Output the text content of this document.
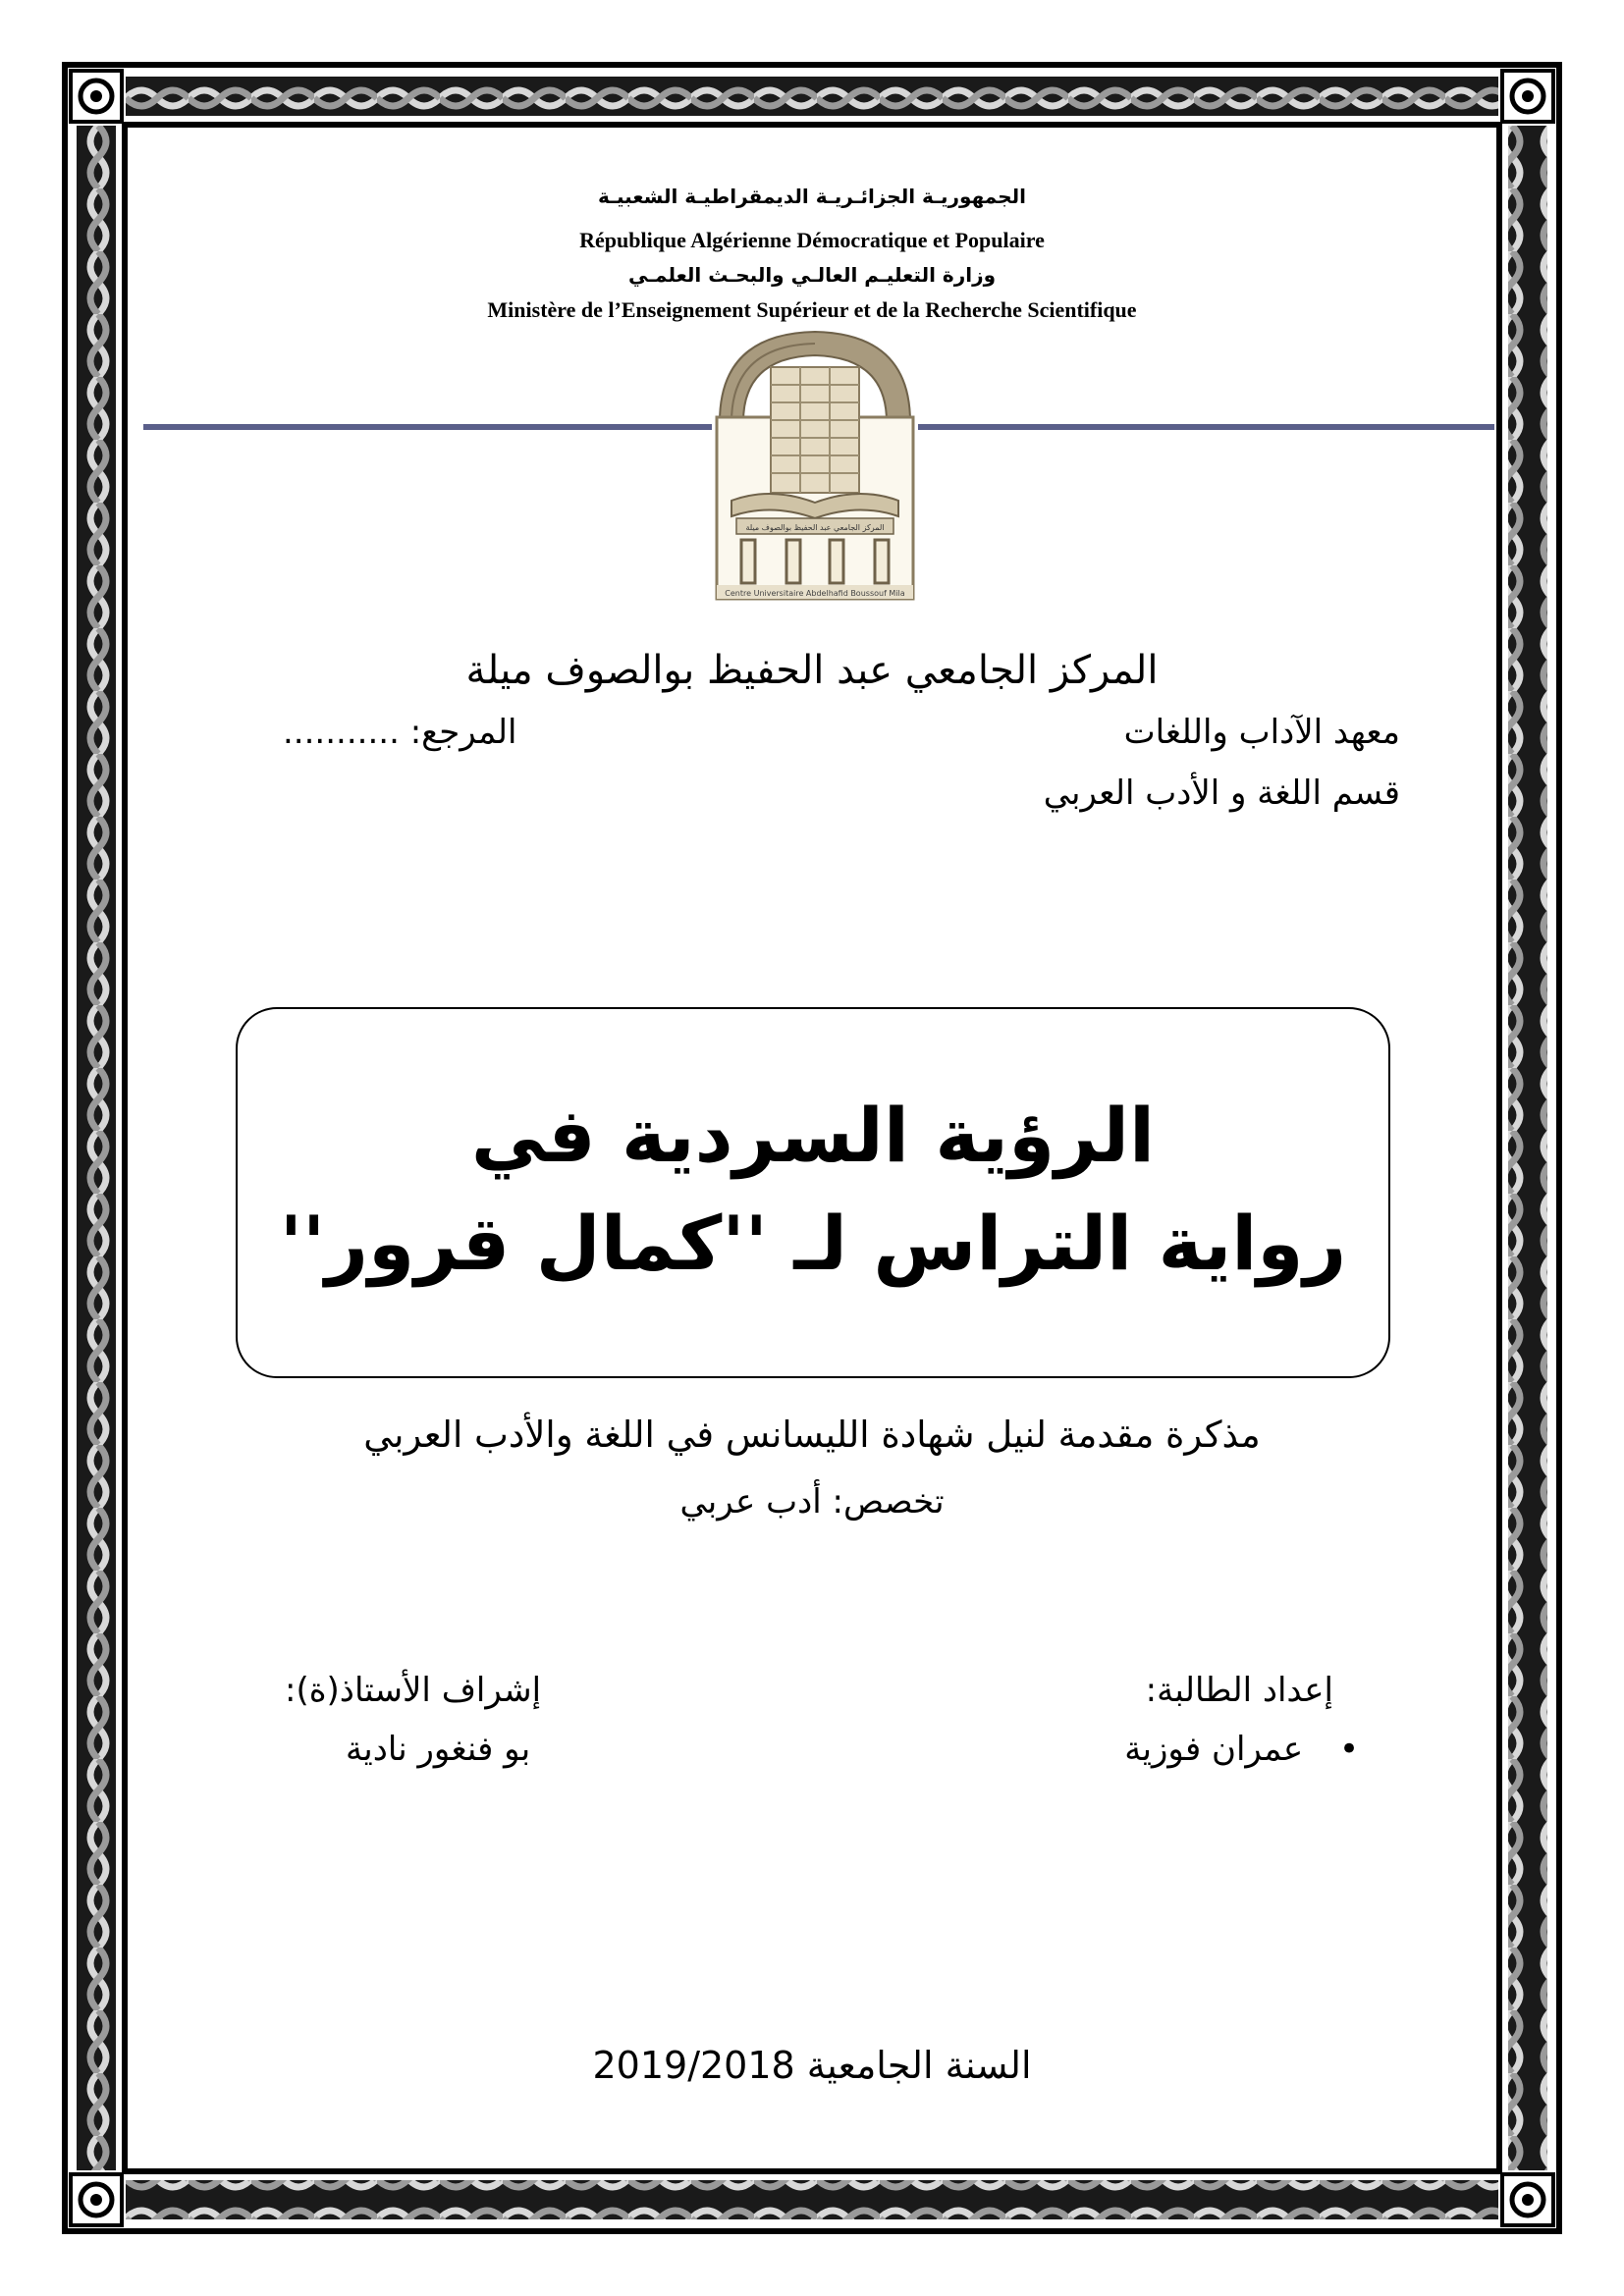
الجمهوريـة الجزائـريـة الديمقراطيـة الشعبيـة
République Algérienne Démocratique et Populaire
وزارة التعليـم العالـي والبحـث العلمـي
Ministère de l’Enseignement Supérieur et de la Recherche Scientifique
المركز الجامعي عبد الحفيظ بوالصوف ميلة
Centre Universitaire Abdelhafid Boussouf Mila
المركز الجامعي عبد الحفيظ بوالصوف ميلة
معهد الآداب واللغات
المرجع: ...........
قسم اللغة و الأدب العربي
الرؤية السردية في
رواية التراس لـ ''كمال قرور''
مذكرة مقدمة لنيل شهادة الليسانس في اللغة والأدب العربي
تخصص: أدب عربي
إعداد الطالبة:
• عمران فوزية
إشراف الأستاذ(ة):
بو فنغور نادية
السنة الجامعية 2019/2018
